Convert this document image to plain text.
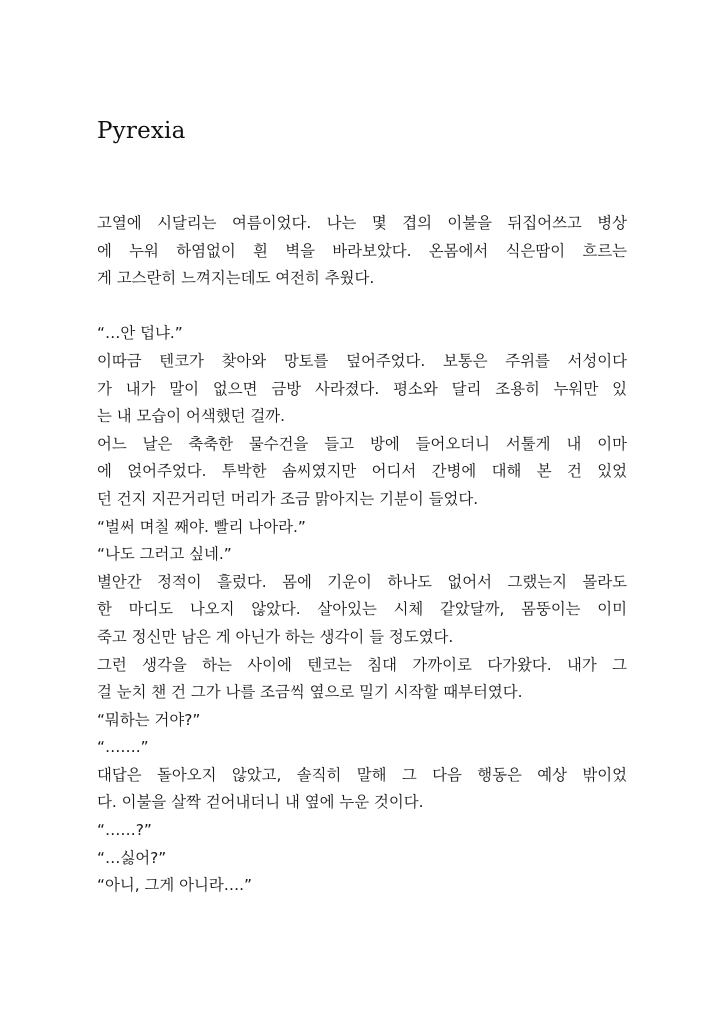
Pyrexia
고열에 시달리는 여름이었다. 나는 몇 겹의 이불을 뒤집어쓰고 병상
에 누워 하염없이 흰 벽을 바라보았다. 온몸에서 식은땀이 흐르는
게 고스란히 느껴지는데도 여전히 추웠다.
“…안 덥냐.”
이따금 텐코가 찾아와 망토를 덮어주었다. 보통은 주위를 서성이다
가 내가 말이 없으면 금방 사라졌다. 평소와 달리 조용히 누워만 있
는 내 모습이 어색했던 걸까.
어느 날은 축축한 물수건을 들고 방에 들어오더니 서툴게 내 이마
에 얹어주었다. 투박한 솜씨였지만 어디서 간병에 대해 본 건 있었
던 건지 지끈거리던 머리가 조금 맑아지는 기분이 들었다.
“벌써 며칠 째야. 빨리 나아라.”
“나도 그러고 싶네.”
별안간 정적이 흘렀다. 몸에 기운이 하나도 없어서 그랬는지 몰라도
한 마디도 나오지 않았다. 살아있는 시체 같았달까, 몸뚱이는 이미
죽고 정신만 남은 게 아닌가 하는 생각이 들 정도였다.
그런 생각을 하는 사이에 텐코는 침대 가까이로 다가왔다. 내가 그
걸 눈치 챈 건 그가 나를 조금씩 옆으로 밀기 시작할 때부터였다.
“뭐하는 거야?”
“…….”
대답은 돌아오지 않았고, 솔직히 말해 그 다음 행동은 예상 밖이었
다. 이불을 살짝 걷어내더니 내 옆에 누운 것이다.
“……?”
“…싫어?”
“아니, 그게 아니라….”
